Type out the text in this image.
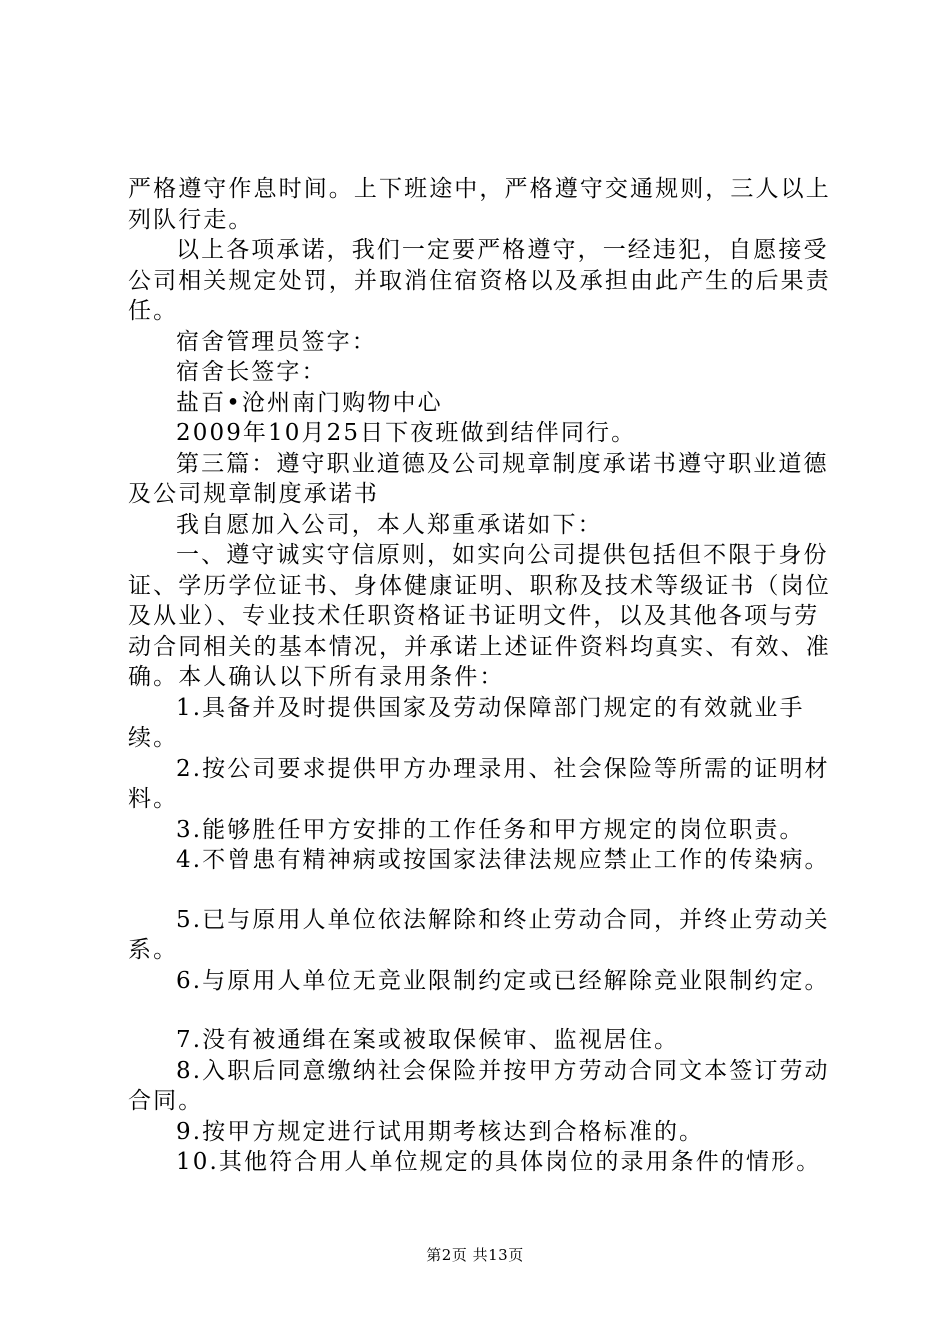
严格遵守作息时间。上下班途中，严格遵守交通规则，三人以上列队行走。

以上各项承诺，我们一定要严格遵守，一经违犯，自愿接受公司相关规定处罚，并取消住宿资格以及承担由此产生的后果责任。

宿舍管理员签字：

宿舍长签字：

盐百•沧州南门购物中心

2009年10月25日下夜班做到结伴同行。

第三篇：遵守职业道德及公司规章制度承诺书遵守职业道德及公司规章制度承诺书

我自愿加入公司，本人郑重承诺如下：

一、遵守诚实守信原则，如实向公司提供包括但不限于身份证、学历学位证书、身体健康证明、职称及技术等级证书（岗位及从业）、专业技术任职资格证书证明文件，以及其他各项与劳动合同相关的基本情况，并承诺上述证件资料均真实、有效、准确。本人确认以下所有录用条件：

1.具备并及时提供国家及劳动保障部门规定的有效就业手续。

2.按公司要求提供甲方办理录用、社会保险等所需的证明材料。

3.能够胜任甲方安排的工作任务和甲方规定的岗位职责。

4.不曾患有精神病或按国家法律法规应禁止工作的传染病。

5.已与原用人单位依法解除和终止劳动合同，并终止劳动关系。

6.与原用人单位无竞业限制约定或已经解除竞业限制约定。

7.没有被通缉在案或被取保候审、监视居住。

8.入职后同意缴纳社会保险并按甲方劳动合同文本签订劳动合同。

9.按甲方规定进行试用期考核达到合格标准的。

10.其他符合用人单位规定的具体岗位的录用条件的情形。

第2页 共13页
